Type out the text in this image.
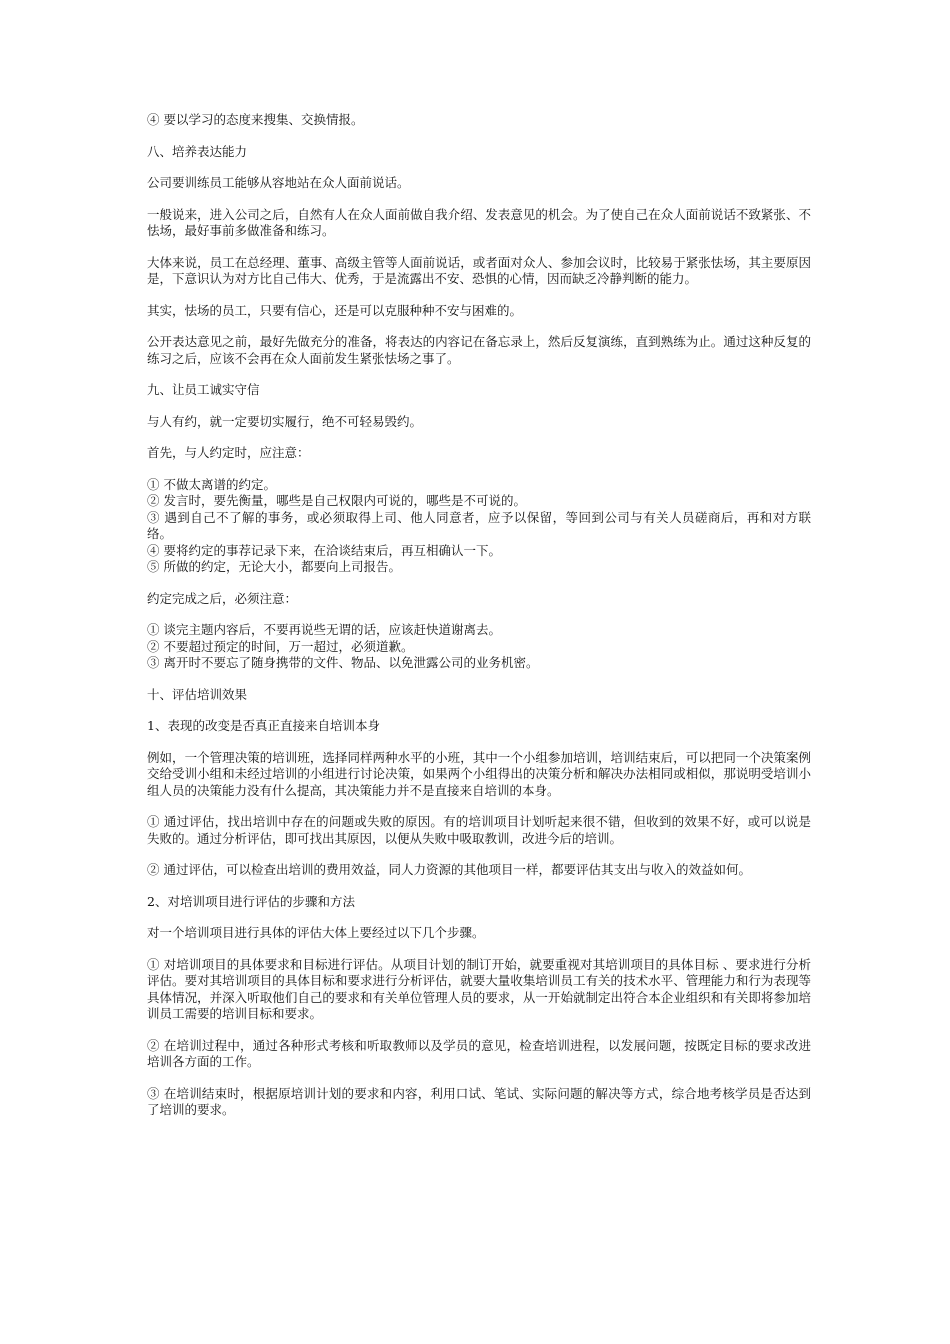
④ 要以学习的态度来搜集、交换情报。

八、培养表达能力

公司要训练员工能够从容地站在众人面前说话。

一般说来，进入公司之后，自然有人在众人面前做自我介绍、发表意见的机会。为了使自己在众人面前说话不致紧张、不怯场，最好事前多做准备和练习。

大体来说，员工在总经理、董事、高级主管等人面前说话，或者面对众人、参加会议时，比较易于紧张怯场，其主要原因是，下意识认为对方比自己伟大、优秀，于是流露出不安、恐惧的心情，因而缺乏冷静判断的能力。

其实，怯场的员工，只要有信心，还是可以克服种种不安与困难的。

公开表达意见之前，最好先做充分的准备，将表达的内容记在备忘录上，然后反复演练，直到熟练为止。通过这种反复的练习之后，应该不会再在众人面前发生紧张怯场之事了。

九、让员工诚实守信

与人有约，就一定要切实履行，绝不可轻易毁约。

首先，与人约定时，应注意：

① 不做太离谱的约定。
② 发言时，要先衡量，哪些是自己权限内可说的，哪些是不可说的。
③ 遇到自己不了解的事务，或必须取得上司、他人同意者，应予以保留，等回到公司与有关人员磋商后，再和对方联络。
④ 要将约定的事荐记录下来，在洽谈结束后，再互相确认一下。
⑤ 所做的约定，无论大小，都要向上司报告。

约定完成之后，必须注意：

① 谈完主题内容后，不要再说些无谓的话，应该赶快道谢离去。
② 不要超过预定的时间，万一超过，必须道歉。
③ 离开时不要忘了随身携带的文件、物品、以免泄露公司的业务机密。

十、评估培训效果

1、表现的改变是否真正直接来自培训本身

例如，一个管理决策的培训班，选择同样两种水平的小班，其中一个小组参加培训，培训结束后，可以把同一个决策案例交给受训小组和未经过培训的小组进行讨论决策，如果两个小组得出的决策分析和解决办法相同或相似，那说明受培训小组人员的决策能力没有什么提高，其决策能力并不是直接来自培训的本身。

① 通过评估，找出培训中存在的问题或失败的原因。有的培训项目计划听起来很不错，但收到的效果不好，或可以说是失败的。通过分析评估，即可找出其原因，以便从失败中吸取教训，改进今后的培训。

② 通过评估，可以检查出培训的费用效益，同人力资源的其他项目一样，都要评估其支出与收入的效益如何。

2、对培训项目进行评估的步骤和方法

对一个培训项目进行具体的评估大体上要经过以下几个步骤。

① 对培训项目的具体要求和目标进行评估。从项目计划的制订开始，就要重视对其培训项目的具体目标 、要求进行分析评估。要对其培训项目的具体目标和要求进行分析评估，就要大量收集培训员工有关的技术水平、管理能力和行为表现等具体情况，并深入听取他们自己的要求和有关单位管理人员的要求，从一开始就制定出符合本企业组织和有关即将参加培训员工需要的培训目标和要求。

② 在培训过程中，通过各种形式考核和听取教师以及学员的意见，检查培训进程，以发展问题，按既定目标的要求改进培训各方面的工作。

③ 在培训结束时，根据原培训计划的要求和内容，利用口试、笔试、实际问题的解决等方式，综合地考核学员是否达到了培训的要求。
